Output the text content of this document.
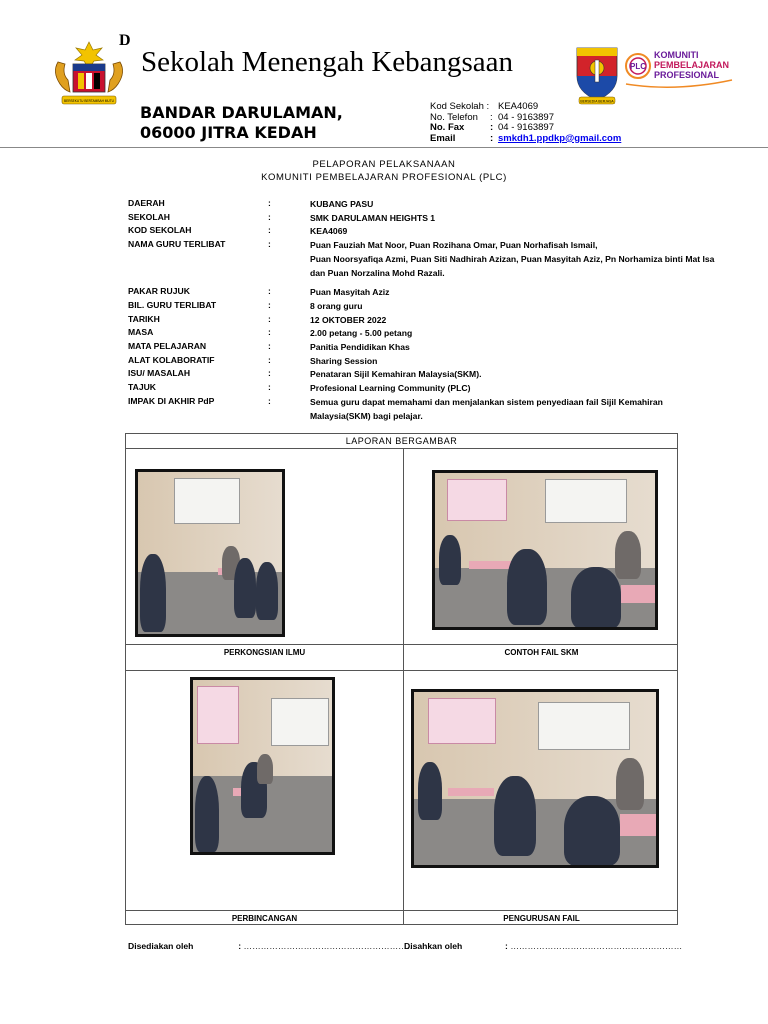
BERSEKUTU BERTAMBAH MUTU
D
Sekolah Menengah Kebangsaan
BANDAR DARULAMAN,
06000 JITRA KEDAH
BERSEDIA BERJASA
PLC
KOMUNITI
PEMBELAJARAN
PROFESIONAL
Kod Sekolah : KEA4069
No. Telefon	: 04 - 9163897
No. Fax	: 04 - 9163897
Email	: smkdh1.ppdkp@gmail.com
PELAPORAN PELAKSANAAN
KOMUNITI PEMBELAJARAN PROFESIONAL (PLC)
DAERAH	:	KUBANG PASU
SEKOLAH	:	SMK DARULAMAN HEIGHTS 1
KOD SEKOLAH	:	KEA4069
NAMA GURU TERLIBAT	:	Puan Fauziah Mat Noor, Puan Rozihana Omar, Puan Norhafisah Ismail,
Puan Noorsyafiqa Azmi, Puan Siti Nadhirah Azizan, Puan Masyitah Aziz, Pn Norhamiza binti Mat Isa dan Puan Norzalina Mohd Razali.
PAKAR RUJUK	:	Puan Masyitah Aziz
BIL. GURU TERLIBAT	:	8 orang guru
TARIKH	:	12 OKTOBER 2022
MASA	:	2.00 petang - 5.00 petang
MATA PELAJARAN	:	Panitia Pendidikan Khas
ALAT KOLABORATIF	:	Sharing Session
ISU/ MASALAH	:	Penataran Sijil Kemahiran Malaysia(SKM).
TAJUK	:	Profesional Learning Community (PLC)
IMPAK DI AKHIR PdP	:	Semua guru dapat memahami dan menjalankan sistem penyediaan fail Sijil Kemahiran
Malaysia(SKM) bagi pelajar.
LAPORAN BERGAMBAR
PERKONGSIAN ILMU	CONTOH FAIL SKM
PERBINCANGAN	PENGURUSAN FAIL
Disediakan oleh	: ……………………………………………………
Disahkan oleh	: ……………………………………………………
